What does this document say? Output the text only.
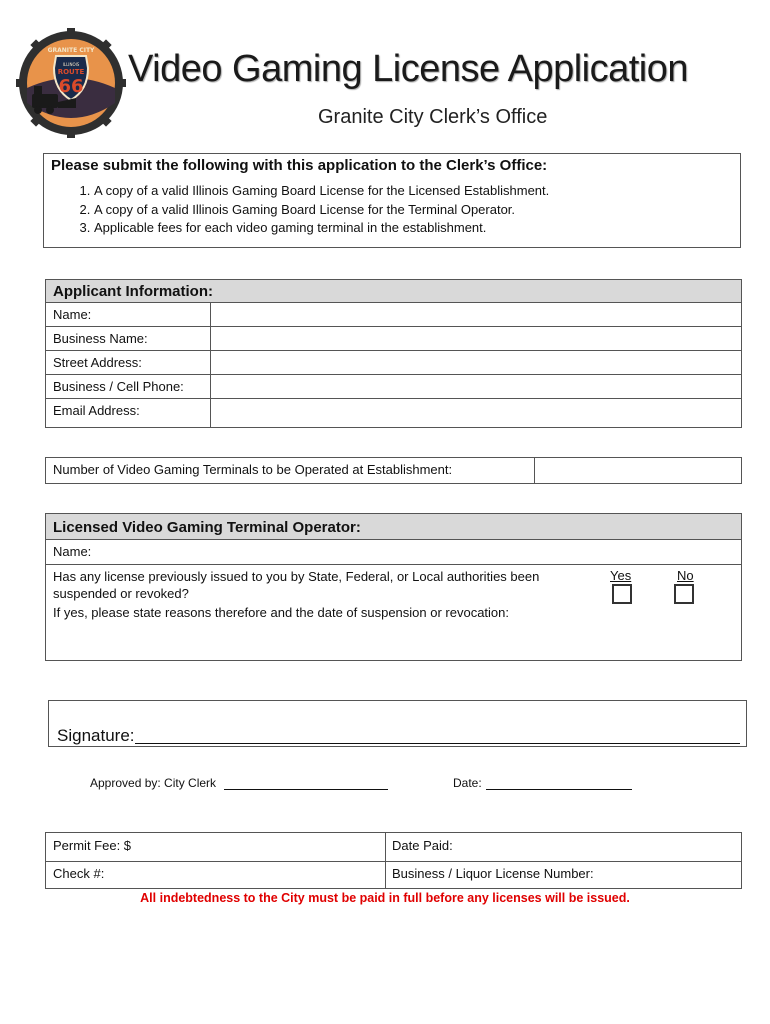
GRANITE CITY
ILLINOIS
ROUTE
66 Video Gaming License Application
Granite City Clerk’s Office
Please submit the following with this application to the Clerk’s Office:
1. A copy of a valid Illinois Gaming Board License for the Licensed Establishment.
2. A copy of a valid Illinois Gaming Board License for the Terminal Operator.
3. Applicable fees for each video gaming terminal in the establishment.
Applicant Information:
Name:
Business Name:
Street Address:
Business / Cell Phone:
Email Address:
Number of Video Gaming Terminals to be Operated at Establishment:
Licensed Video Gaming Terminal Operator:
Name:
Has any license previously issued to you by State, Federal, or Local authorities been suspended or revoked?
Yes	No
If yes, please state reasons therefore and the date of suspension or revocation:
Signature:
Approved by: City Clerk	Date:
Permit Fee: $	Date Paid:
Check #:	Business / Liquor License Number:
All indebtedness to the City must be paid in full before any licenses will be issued.
